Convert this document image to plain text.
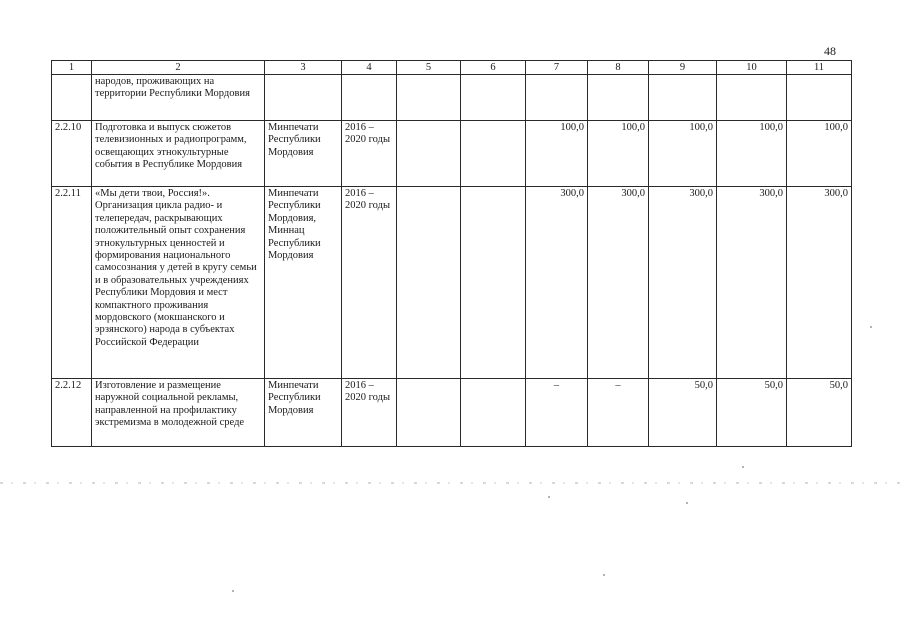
48
1	2	3	4	5	6	7	8	9	10	11
	народов, проживающих на территории Республики Мордовия									
2.2.10	Подготовка и выпуск сюжетов телевизионных и радиопрограмм, освещающих этнокультурные события в Республике Мордовия	Минпечати Республики Мордовия	2016 – 2020 годы			100,0	100,0	100,0	100,0	100,0
2.2.11	«Мы дети твои, Россия!». Организация цикла радио- и телепередач, раскрывающих положительный опыт сохранения этнокультурных ценностей и формирования национального самосознания у детей в кругу семьи и в образовательных учреждениях Республики Мордовия и мест компактного проживания мордовского (мокшанского и эрзянского) народа в субъектах Российской Федерации	Минпечати Республики Мордовия, Миннац Республики Мордовия	2016 – 2020 годы			300,0	300,0	300,0	300,0	300,0
2.2.12	Изготовление и размещение наружной социальной рекламы, направленной на профилактику экстремизма в молодежной среде	Минпечати Республики Мордовия	2016 – 2020 годы			–	–	50,0	50,0	50,0
